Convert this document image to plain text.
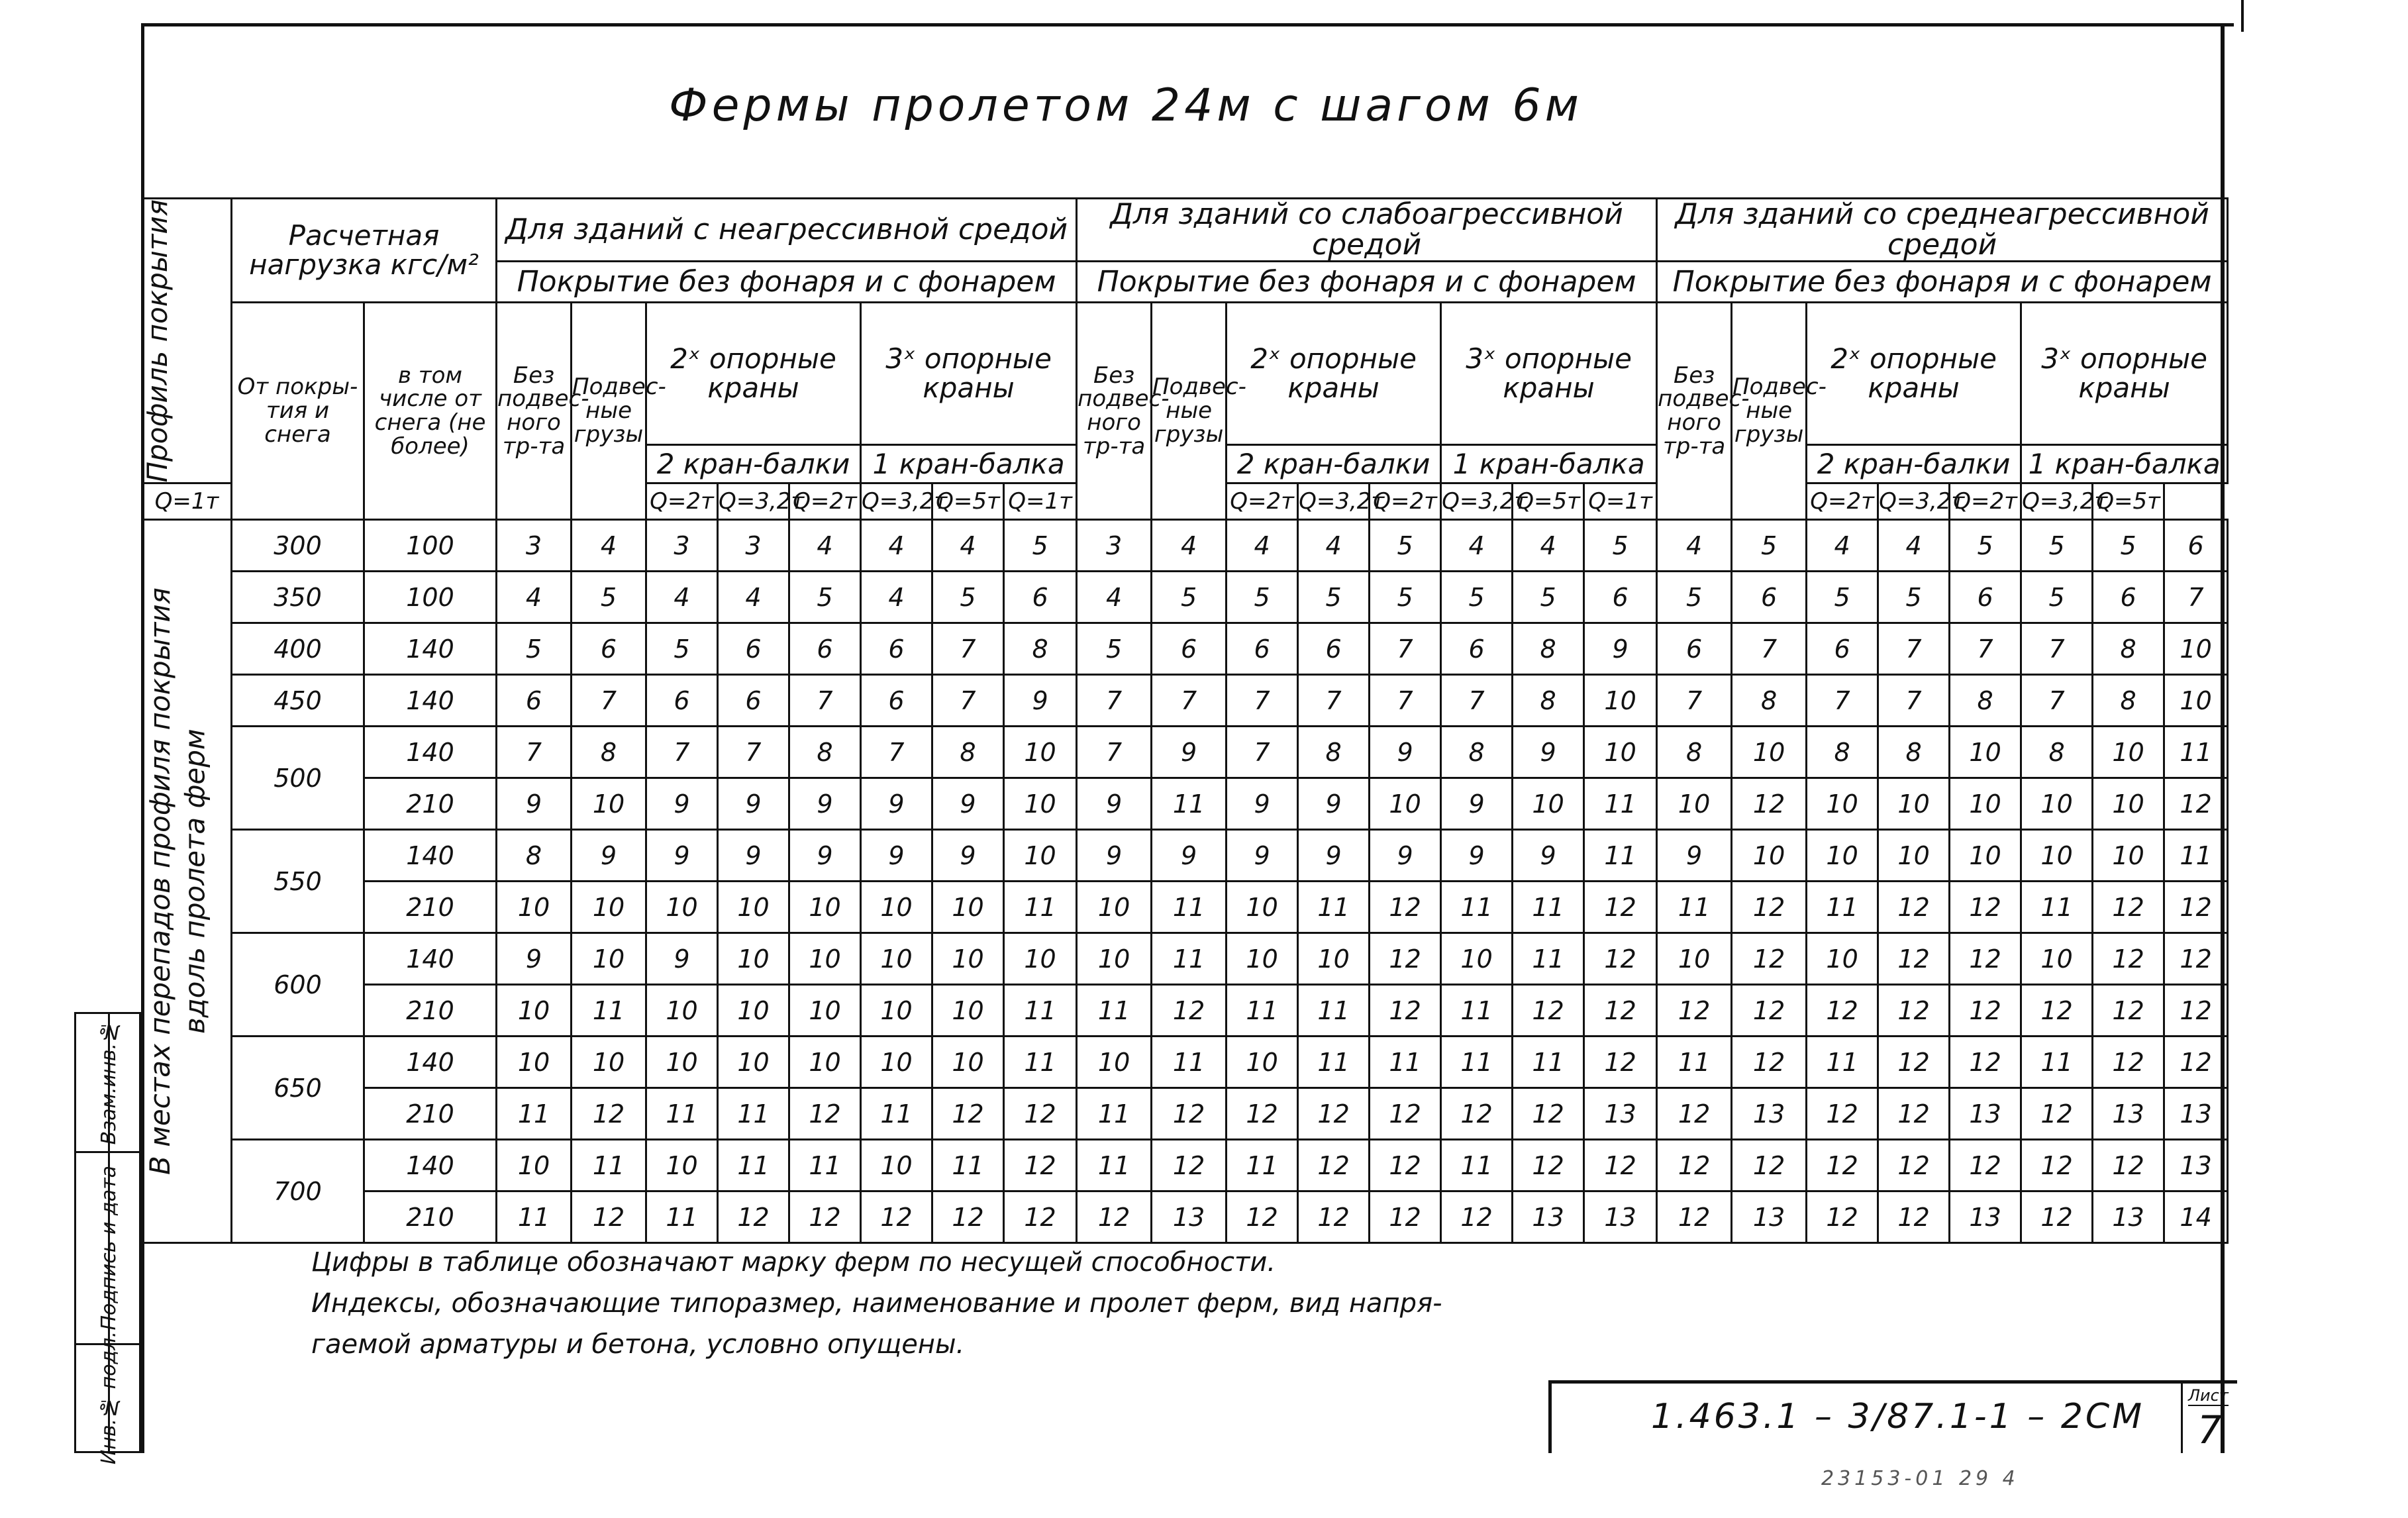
Фермы пролетом 24м с шагом 6м
Профиль покрытия	Расчетная нагрузка кгс/м²		Для зданий с неагрессивной средой								Для зданий со слабоагрессивной средой								Для зданий со среднеагрессивной средой							
			Покрытие без фонаря и с фонарем								Покрытие без фонаря и с фонарем								Покрытие без фонаря и с фонарем							
	От покры- тия и снега	в том числе от снега (не более)	Без подвес- ного тр-та	Подвес- ные грузы	2ˣ опорные краны			3ˣ опорные краны			Без подвес- ного тр-та	Подвес- ные грузы	2ˣ опорные краны			3ˣ опорные краны			Без подвес- ного тр-та	Подвес- ные грузы	2ˣ опорные краны			3ˣ опорные краны		
					2 кран-балки			1 кран-балка					2 кран-балки			1 кран-балка					2 кран-балки			1 кран-балка		
Q=1т					Q=2т	Q=3,2т	Q=2т	Q=3,2т	Q=5т	Q=1т			Q=2т	Q=3,2т	Q=2т	Q=3,2т	Q=5т	Q=1т			Q=2т	Q=3,2т	Q=2т	Q=3,2т	Q=5т	

В местах перепадов профиля покрытия вдоль пролета ферм	300	100	3	4	3	3	4	4	4	5	3	4	4	4	5	4	4	5	4	5	4	4	5	5	5	6
	350	100	4	5	4	4	5	4	5	6	4	5	5	5	5	5	5	6	5	6	5	5	6	5	6	7
	400	140	5	6	5	6	6	6	7	8	5	6	6	6	7	6	8	9	6	7	6	7	7	7	8	10
	450	140	6	7	6	6	7	6	7	9	7	7	7	7	7	7	8	10	7	8	7	7	8	7	8	10
	500	140	7	8	7	7	8	7	8	10	7	9	7	8	9	8	9	10	8	10	8	8	10	8	10	11
		210	9	10	9	9	9	9	9	10	9	11	9	9	10	9	10	11	10	12	10	10	10	10	10	12
	550	140	8	9	9	9	9	9	9	10	9	9	9	9	9	9	9	11	9	10	10	10	10	10	10	11
		210	10	10	10	10	10	10	10	11	10	11	10	11	12	11	11	12	11	12	11	12	12	11	12	12
	600	140	9	10	9	10	10	10	10	10	10	11	10	10	12	10	11	12	10	12	10	12	12	10	12	12
		210	10	11	10	10	10	10	10	11	11	12	11	11	12	11	12	12	12	12	12	12	12	12	12	12
	650	140	10	10	10	10	10	10	10	11	10	11	10	11	11	11	11	12	11	12	11	12	12	11	12	12
		210	11	12	11	11	12	11	12	12	11	12	12	12	12	12	12	13	12	13	12	12	13	12	13	13
	700	140	10	11	10	11	11	10	11	12	11	12	11	12	12	11	12	12	12	12	12	12	12	12	12	13
		210	11	12	11	12	12	12	12	12	12	13	12	12	12	12	13	13	12	13	12	12	13	12	13	14
Цифры в таблице обозначают марку ферм по несущей способности.
Индексы, обозначающие типоразмер, наименование и пролет ферм, вид напря-
гаемой арматуры и бетона, условно опущены.
Взам.инв.№
Подпись и дата
Инв.№ подл.	1.463.1 – 3/87.1-1 – 2СМ
Лист
7
23153-01 29 4
